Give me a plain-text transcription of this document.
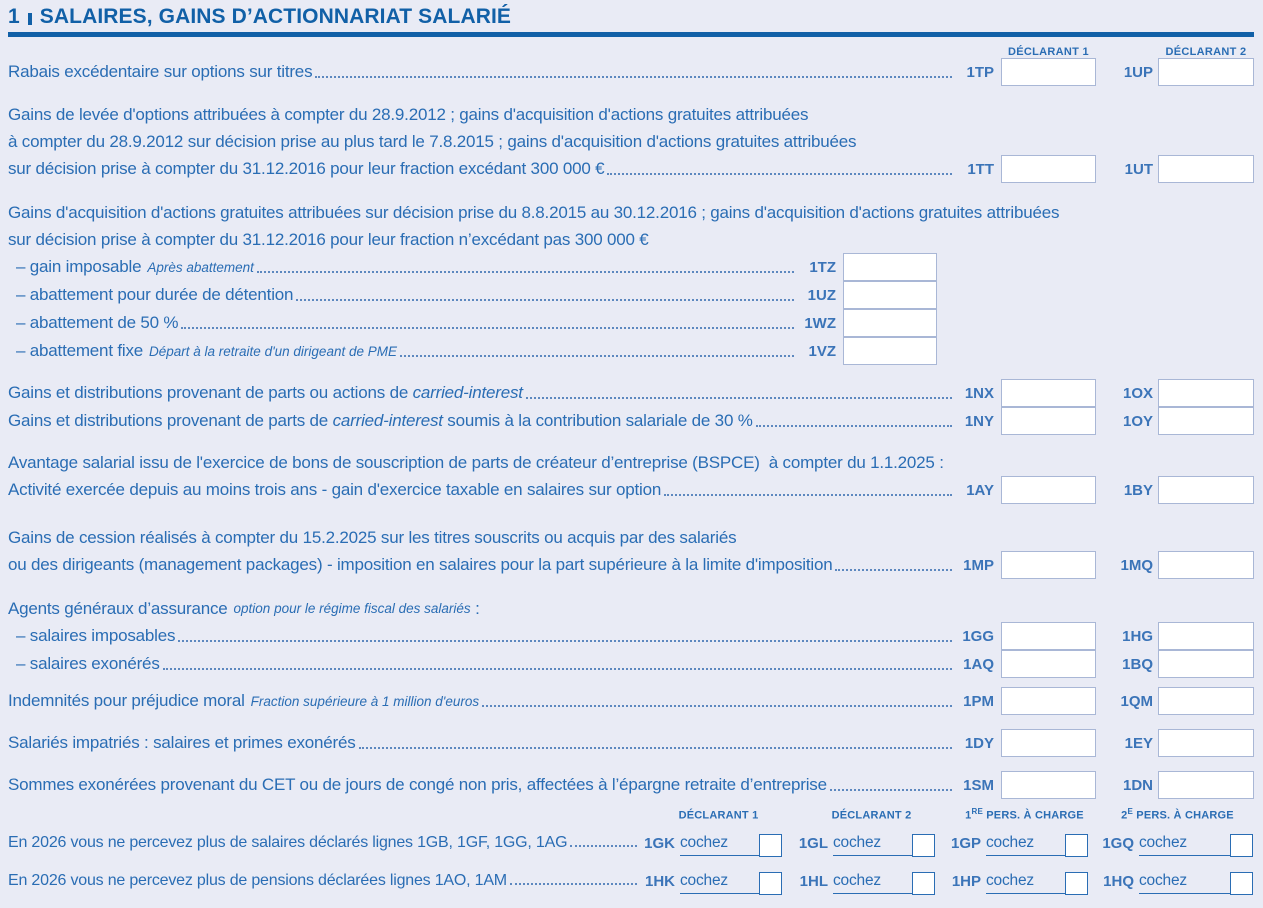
1 SALAIRES, GAINS D’ACTIONNARIAT SALARIÉ
DÉCLARANT 1	DÉCLARANT 2
Rabais excédentaire sur options sur titres	1TP	1UP
Gains de levée d'options attribuées à compter du 28.9.2012 ; gains d'acquisition d'actions gratuites attribuées
à compter du 28.9.2012 sur décision prise au plus tard le 7.8.2015 ; gains d'acquisition d'actions gratuites attribuées
sur décision prise à compter du 31.12.2016 pour leur fraction excédant 300 000 €	1TT	1UT
Gains d'acquisition d'actions gratuites attribuées sur décision prise du 8.8.2015 au 30.12.2016 ; gains d'acquisition d'actions gratuites attribuées
sur décision prise à compter du 31.12.2016 pour leur fraction n’excédant pas 300 000 €
– gain imposable Après abattement	1TZ
– abattement pour durée de détention	1UZ
– abattement de 50 %	1WZ
– abattement fixe Départ à la retraite d'un dirigeant de PME	1VZ
Gains et distributions provenant de parts ou actions de carried-interest	1NX	1OX
Gains et distributions provenant de parts de carried-interest soumis à la contribution salariale de 30 %	1NY	1OY
Avantage salarial issu de l'exercice de bons de souscription de parts de créateur d’entreprise (BSPCE)  à compter du 1.1.2025 :
Activité exercée depuis au moins trois ans - gain d'exercice taxable en salaires sur option	1AY	1BY
Gains de cession réalisés à compter du 15.2.2025 sur les titres souscrits ou acquis par des salariés
ou des dirigeants (management packages) - imposition en salaires pour la part supérieure à la limite d'imposition	1MP	1MQ
Agents généraux d’assurance option pour le régime fiscal des salariés :
– salaires imposables	1GG	1HG
– salaires exonérés	1AQ	1BQ
Indemnités pour préjudice moral Fraction supérieure à 1 million d'euros	1PM	1QM
Salariés impatriés : salaires et primes exonérés	1DY	1EY
Sommes exonérées provenant du CET ou de jours de congé non pris, affectées à l’épargne retraite d’entreprise	1SM	1DN
DÉCLARANT 1	DÉCLARANT 2	1RE PERS. À CHARGE	$2^E$ PERS. À CHARGE
En 2026 vous ne percevez plus de salaires déclarés lignes 1GB, 1GF, 1GG, 1AG	1GK cochez	1GL cochez	1GP cochez	1GQ cochez
En 2026 vous ne percevez plus de pensions déclarées lignes 1AO, 1AM	1HK cochez	1HL cochez	1HP cochez	1HQ cochez
